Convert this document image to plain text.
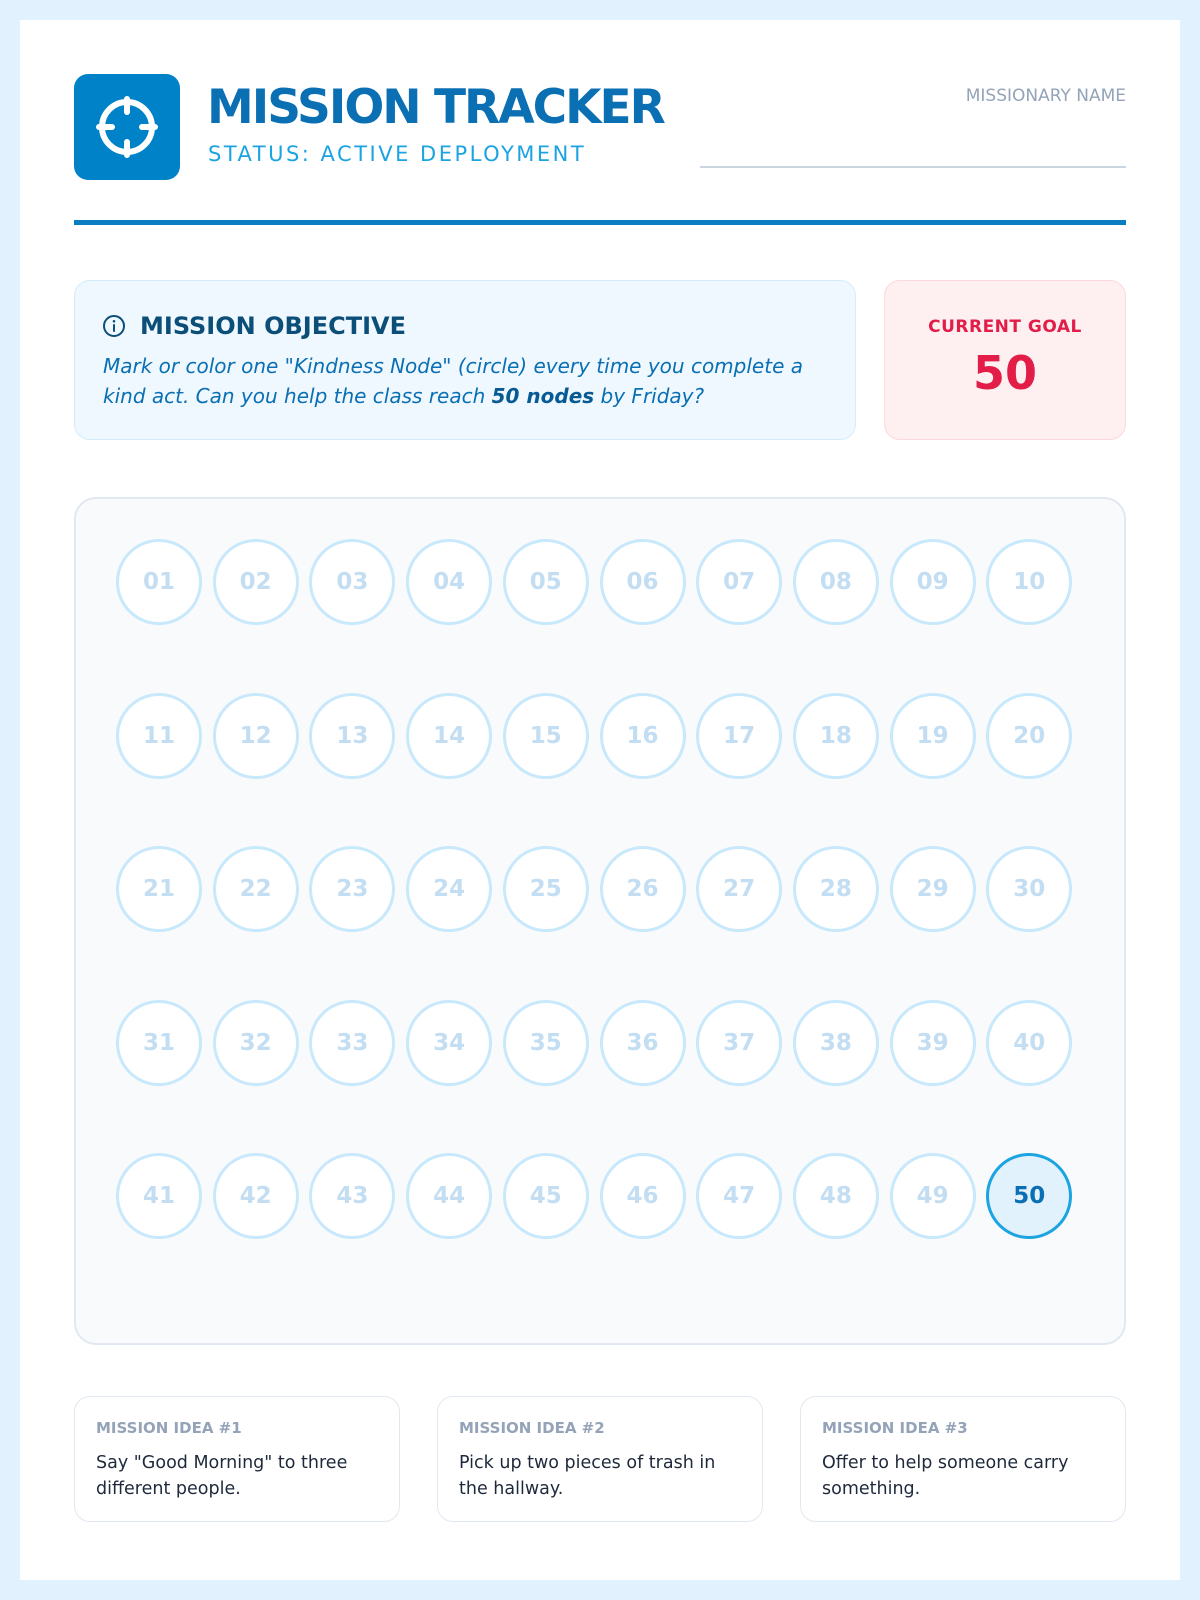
MISSION TRACKER
STATUS: ACTIVE DEPLOYMENT
MISSIONARY NAME
MISSION OBJECTIVE
Mark or color one "Kindness Node" (circle) every time you complete a kind act. Can you help the class reach 50 nodes by Friday?
CURRENT GOAL
50
01	02	03	04	05	06	07	08	09	10
11	12	13	14	15	16	17	18	19	20
21	22	23	24	25	26	27	28	29	30
31	32	33	34	35	36	37	38	39	40
41	42	43	44	45	46	47	48	49	50
MISSION IDEA #1
Say "Good Morning" to three different people.
MISSION IDEA #2
Pick up two pieces of trash in the hallway.
MISSION IDEA #3
Offer to help someone carry something.
